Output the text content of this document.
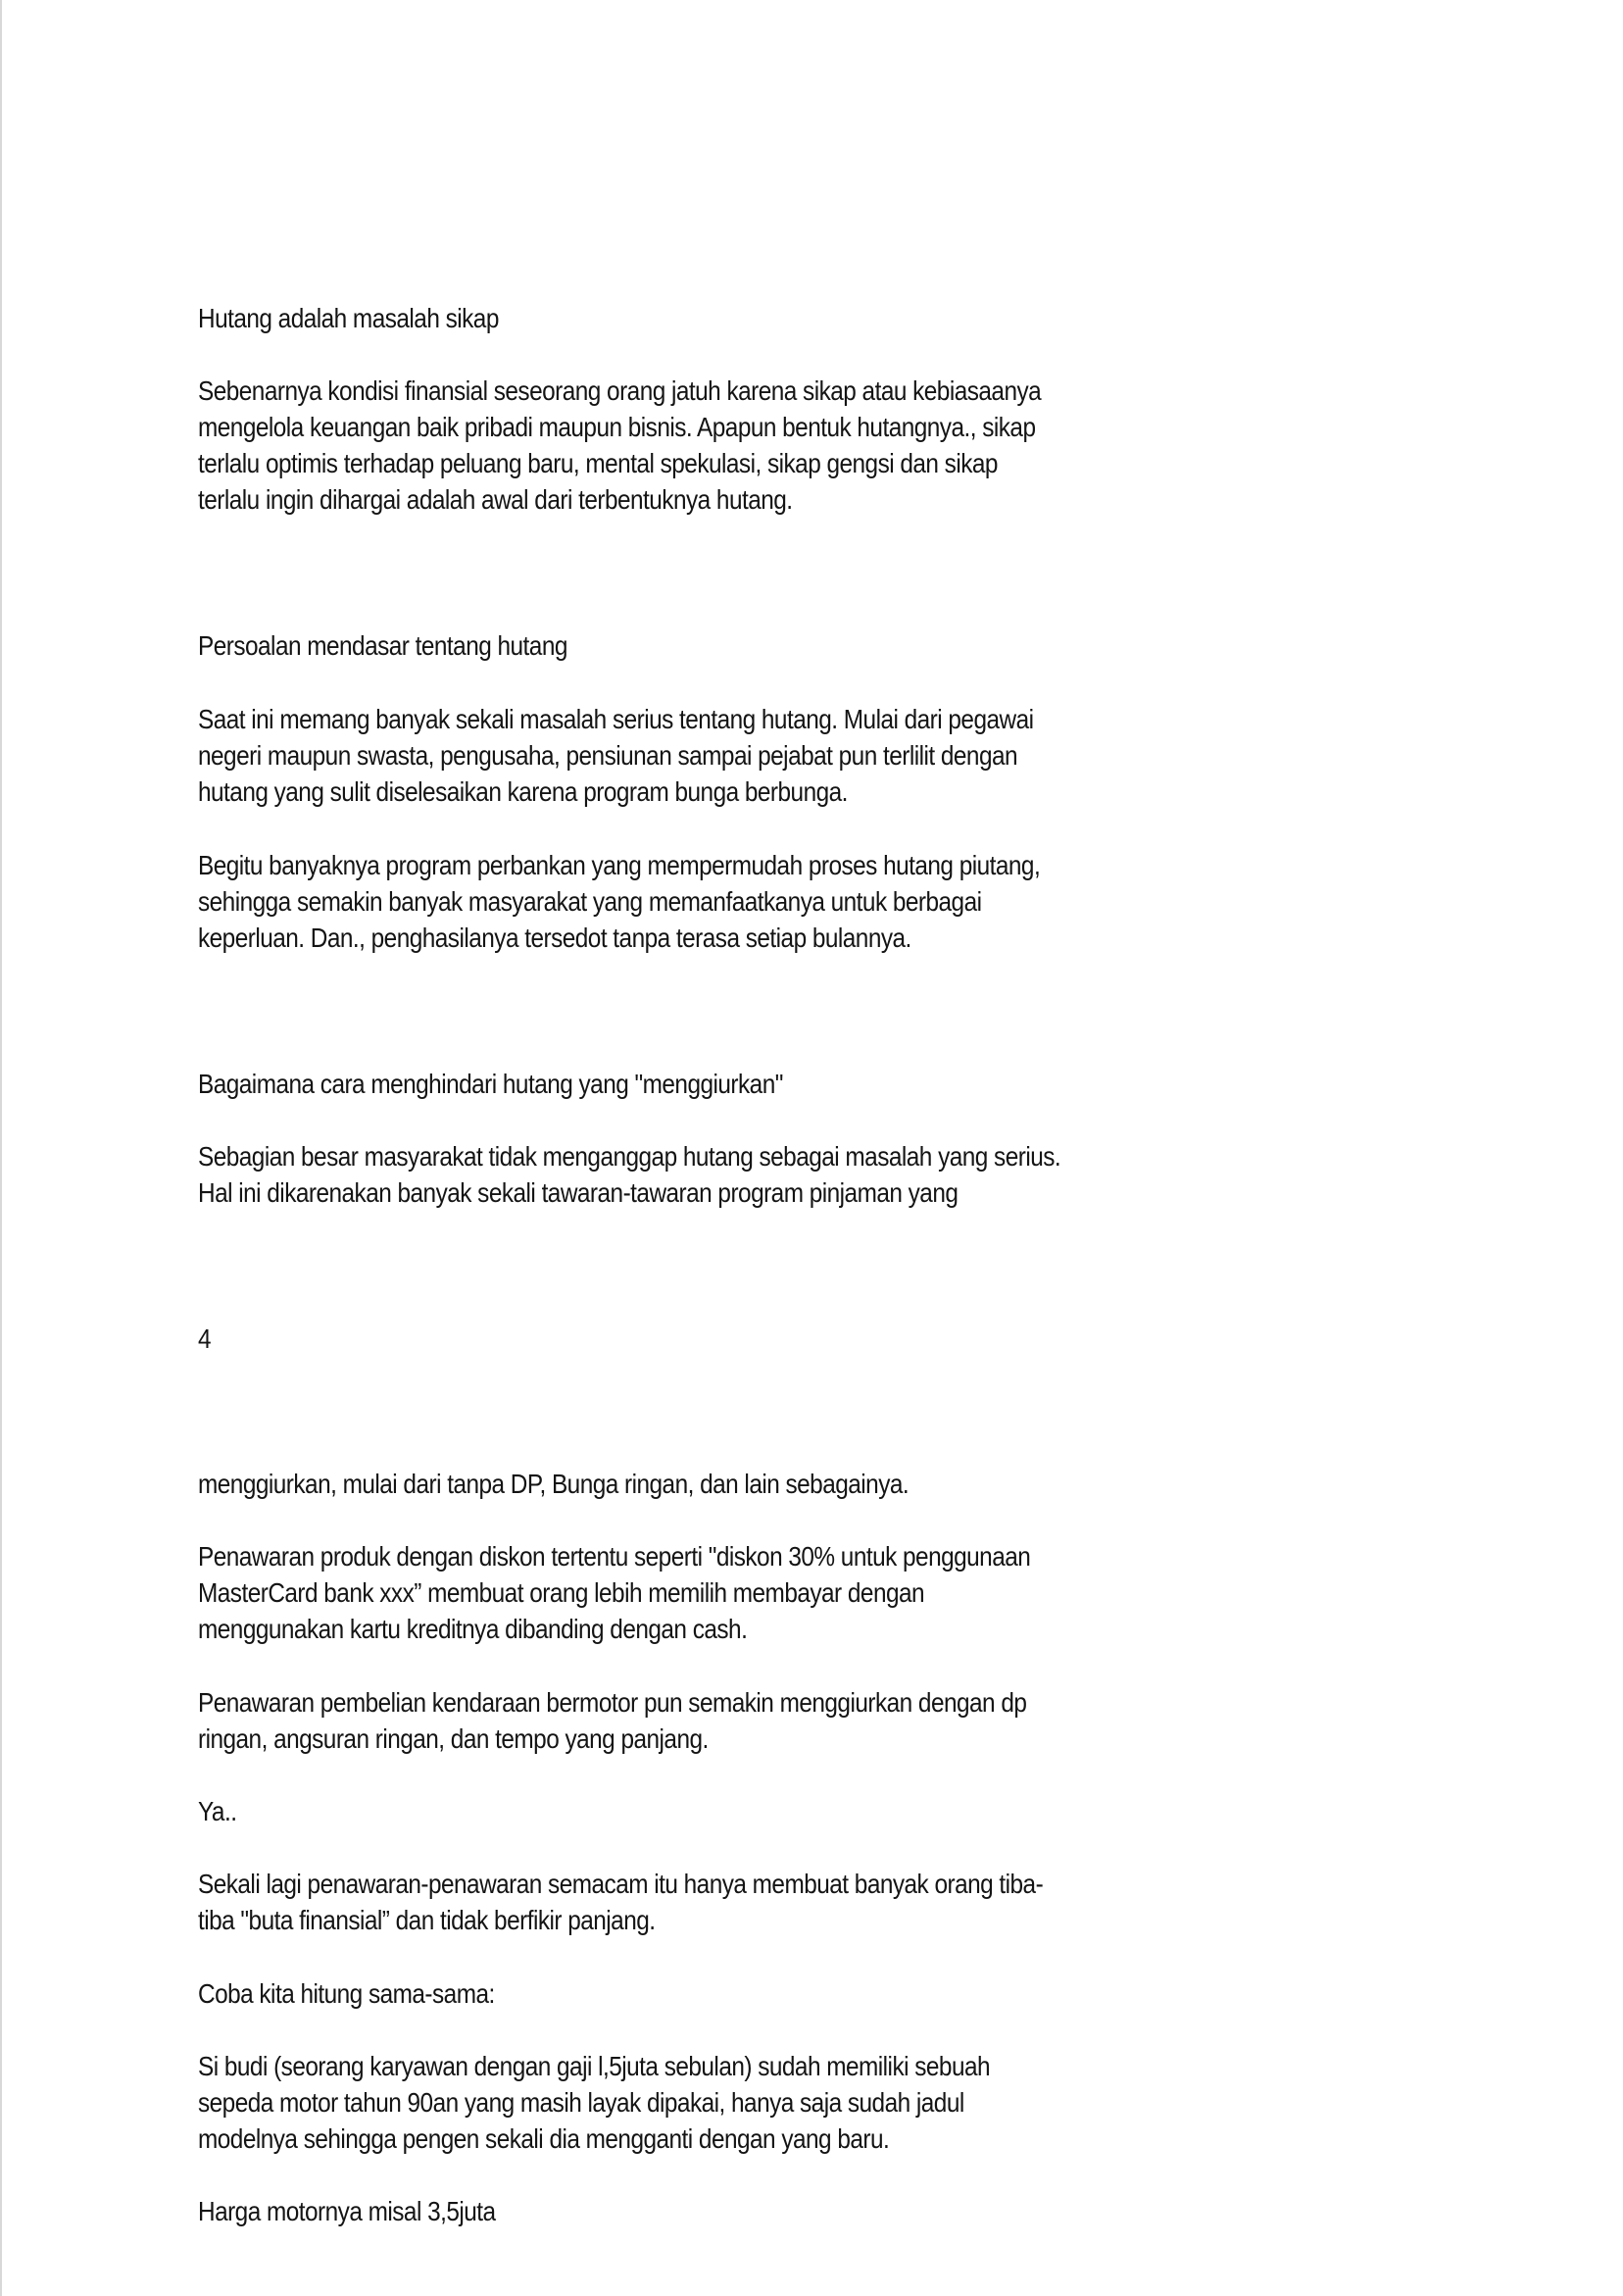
Hutang adalah masalah sikap

Sebenarnya kondisi finansial seseorang orang jatuh karena sikap atau kebiasaanya
mengelola keuangan baik pribadi maupun bisnis. Apapun bentuk hutangnya., sikap
terlalu optimis terhadap peluang baru, mental spekulasi, sikap gengsi dan sikap
terlalu ingin dihargai adalah awal dari terbentuknya hutang.

Persoalan mendasar tentang hutang

Saat ini memang banyak sekali masalah serius tentang hutang. Mulai dari pegawai
negeri maupun swasta, pengusaha, pensiunan sampai pejabat pun terlilit dengan
hutang yang sulit diselesaikan karena program bunga berbunga.

Begitu banyaknya program perbankan yang mempermudah proses hutang piutang,
sehingga semakin banyak masyarakat yang memanfaatkanya untuk berbagai
keperluan. Dan., penghasilanya tersedot tanpa terasa setiap bulannya.

Bagaimana cara menghindari hutang yang "menggiurkan"

Sebagian besar masyarakat tidak menganggap hutang sebagai masalah yang serius.
Hal ini dikarenakan banyak sekali tawaran-tawaran program pinjaman yang

4

menggiurkan, mulai dari tanpa DP, Bunga ringan, dan lain sebagainya.

Penawaran produk dengan diskon tertentu seperti "diskon 30% untuk penggunaan
MasterCard bank xxx” membuat orang lebih memilih membayar dengan
menggunakan kartu kreditnya dibanding dengan cash.

Penawaran pembelian kendaraan bermotor pun semakin menggiurkan dengan dp
ringan, angsuran ringan, dan tempo yang panjang.

Ya..

Sekali lagi penawaran-penawaran semacam itu hanya membuat banyak orang tiba-
tiba "buta finansial” dan tidak berfikir panjang.

Coba kita hitung sama-sama:

Si budi (seorang karyawan dengan gaji l,5juta sebulan) sudah memiliki sebuah
sepeda motor tahun 90an yang masih layak dipakai, hanya saja sudah jadul
modelnya sehingga pengen sekali dia mengganti dengan yang baru.

Harga motornya misal 3,5juta
